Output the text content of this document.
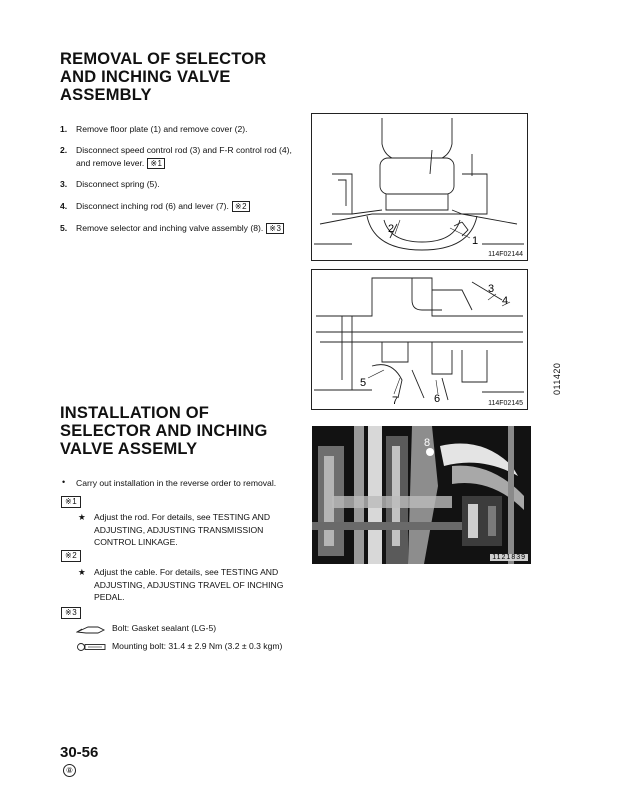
REMOVAL OF SELECTOR
AND INCHING VALVE
ASSEMBLY
1. Remove floor plate (1) and remove cover (2).
2. Disconnect speed control rod (3) and F-R control rod (4), and remove lever. ※1
3. Disconnect spring (5).
4. Disconnect inching rod (6) and lever (7). ※2
5. Remove selector and inching valve assembly (8). ※3	2
1
114F02144
3
4
5
7	6	114F02145
011420
INSTALLATION OF
SELECTOR AND INCHING
VALVE ASSEMLY	8
1121839
• Carry out installation in the reverse order to removal.
※1
★ Adjust the rod. For details, see TESTING AND ADJUSTING, ADJUSTING TRANSMISSION CONTROL LINKAGE.
※2
★ Adjust the cable. For details, see TESTING AND ADJUSTING, ADJUSTING TRAVEL OF INCHING PEDAL.
※3
Bolt: Gasket sealant (LG-5)
Mounting bolt: 31.4 ± 2.9 Nm (3.2 ± 0.3 kgm)
30-56
⑧
